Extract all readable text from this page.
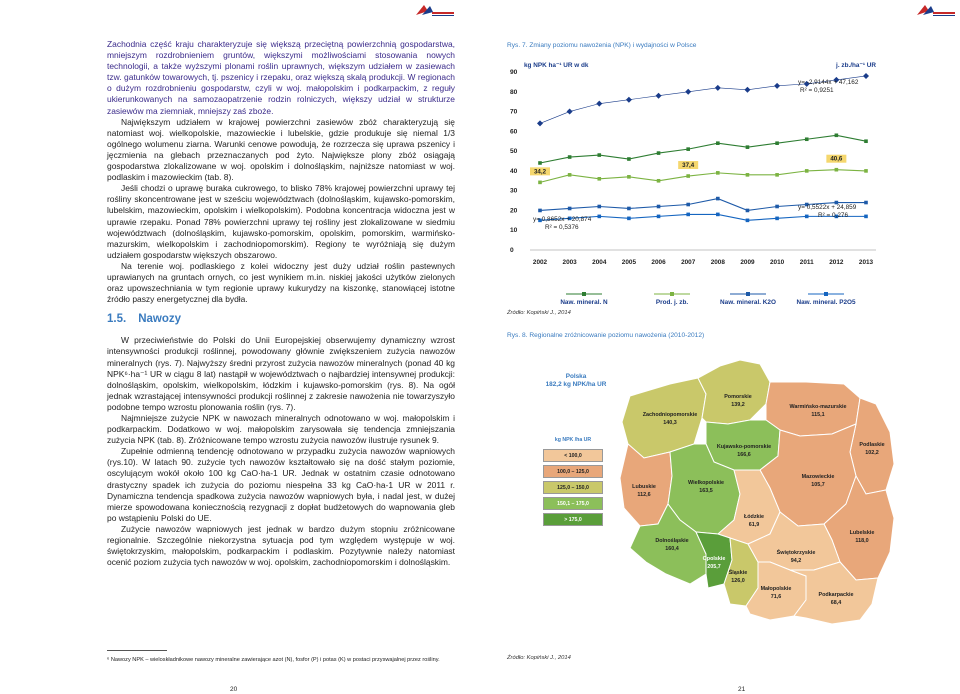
Zachodnia część kraju charakteryzuje się większą przeciętną powierzchnią gospodarstwa, mniejszym rozdrobnieniem gruntów, większymi możliwościami stosowania nowych technologii, a także wyższymi plonami roślin uprawnych, większym udziałem w zasiewach tzw. gatunków towarowych, tj. pszenicy i rzepaku, oraz większą skalą produkcji. W regionach o dużym rozdrobnieniu gospodarstw, czyli w woj. małopolskim i podkarpackim, z reguły ukierunkowanych na samozaopatrzenie rodzin rolniczych, większy udział w strukturze zasiewów ma ziemniak, mniejszy zaś zboże.

Największym udziałem w krajowej powierzchni zasiewów zbóż charakteryzują się natomiast woj. wielkopolskie, mazowieckie i lubelskie, gdzie produkuje się niemal 1/3 ogólnego wolumenu ziarna. Warunki cenowe powodują, że rozrzecza się uprawa pszenicy i jęczmienia na glebach przeznaczanych pod żyto. Największe plony zbóż osiągają gospodarstwa zlokalizowane w woj. opolskim i dolnośląskim, najniższe natomiast w woj. podlaskim i mazowieckim (tab. 8).

Jeśli chodzi o uprawę buraka cukrowego, to blisko 78% krajowej powierzchni uprawy tej rośliny skoncentrowane jest w sześciu województwach (dolnośląskim, kujawsko-pomorskim, lubelskim, mazowieckim, opolskim i wielkopolskim). Podobna koncentracja widoczna jest w uprawie rzepaku. Ponad 78% powierzchni uprawy tej rośliny jest zlokalizowane w siedmiu województwach (dolnośląskim, kujawsko-pomorskim, opolskim, pomorskim, warmińsko-mazurskim, wielkopolskim i zachodniopomorskim). Regiony te wyróżniają się dużym udziałem gospodarstw większych obszarowo.

Na terenie woj. podlaskiego z kolei widoczny jest duży udział roślin pastewnych uprawianych na gruntach ornych, co jest wynikiem m.in. niskiej jakości użytków zielonych oraz upowszechniania w tym regionie uprawy kukurydzy na kiszonkę, stanowiącej istotne źródło paszy energetycznej dla bydła.

1.5. Nawozy

W przeciwieństwie do Polski do Unii Europejskiej obserwujemy dynamiczny wzrost intensywności produkcji roślinnej, powodowany głównie zwiększeniem zużycia nawozów mineralnych (rys. 7). Najwyższy średni przyrost zużycia nawozów mineralnych (ponad 40 kg NPK⁶·ha⁻¹ UR w ciągu 8 lat) nastąpił w województwach o najbardziej intensywnej produkcji: dolnośląskim, opolskim, wielkopolskim, łódzkim i kujawsko-pomorskim (rys. 8). Na ogół jednak wzrastającej intensywności produkcji roślinnej z zakresie nawożenia nie towarzyszyło podobne tempo wzrostu plonowania roślin (rys. 7).

Najmniejsze zużycie NPK w nawozach mineralnych odnotowano w woj. małopolskim i podkarpackim. Dodatkowo w woj. małopolskim zarysowała się tendencja zmniejszania zużycia NPK (tab. 8). Zróżnicowane tempo wzrostu zużycia nawozów ilustruje rysunek 9.

Zupełnie odmienną tendencję odnotowano w przypadku zużycia nawozów wapniowych (rys.10). W latach 90. zużycie tych nawozów kształtowało się na dość stałym poziomie, oscylującym wokół około 100 kg CaO·ha-1 UR. Jednak w ostatnim czasie odnotowano drastyczny spadek ich zużycia do poziomu niespełna 33 kg CaO·ha-1 UR w 2011 r. Dynamiczna tendencja spadkowa zużycia nawozów wapniowych była, i nadal jest, w dużej mierze spowodowana koniecznością rezygnacji z dopłat budżetowych do wapnowania gleb po wstąpieniu Polski do UE.

Zużycie nawozów wapniowych jest jednak w bardzo dużym stopniu zróżnicowane regionalnie. Szczególnie niekorzystna sytuacja pod tym względem występuje w woj. świętokrzyskim, małopolskim, podkarpackim i podlaskim. Pozytywnie należy natomiast ocenić poziom zużycia tych nawozów w woj. opolskim, zachodniopomorskim i dolnośląskim.

⁶ Nawozy NPK – wieloskładnikowe nawozy mineralne zawierające azot (N), fosfor (P) i potas (K) w postaci przyswajalnej przez rośliny.
20	21
Rys. 7. Zmiany poziomu nawożenia (NPK) i wydajności w Polsce
0
10
20
30
40
50
60
70
80
90
2002 2003 2004 2005 2006 2007 2008 2009 2010 2011 2012 2013
34,2
37,4
40,6
kg NPK ha⁻¹ UR w dk	j. zb./ha⁻¹ UR
y= -2,9144x + 47,162
R² = 0,9251
y= 0,5522x + 24,859
R² = 0,276
y= 0,8652x + 20,874
R² = 0,5376
Naw. mineral. N	Prod. j. zb.	Naw. mineral. K2O	Naw. mineral. P2O5
Źródło: Kopiński J., 2014
Rys. 8. Regionalne zróżnicowanie poziomu nawożenia (2010-2012)
Pomorskie
139,2	Warmińsko-mazurskie
115,1
Zachodniopomorskie
140,3
Podlaskie
102,2
Kujawsko-pomorskie
166,6
Lubuskie
112,6
Wielkopolskie
163,5
Mazowieckie
105,7
Łódzkie
61,9
Lubelskie
118,0
Dolnośląskie
160,4
Opolskie
205,7
Świętokrzyskie
94,2
Śląskie
126,0
Małopolskie
71,6	Podkarpackie
68,4
Polska
182,2 kg NPK/ha UR
kg NPK /ha UR
< 100,0
100,0 – 125,0
125,0 – 150,0
150,1 – 175,0
> 175,0
Źródło: Kopiński J., 2014
